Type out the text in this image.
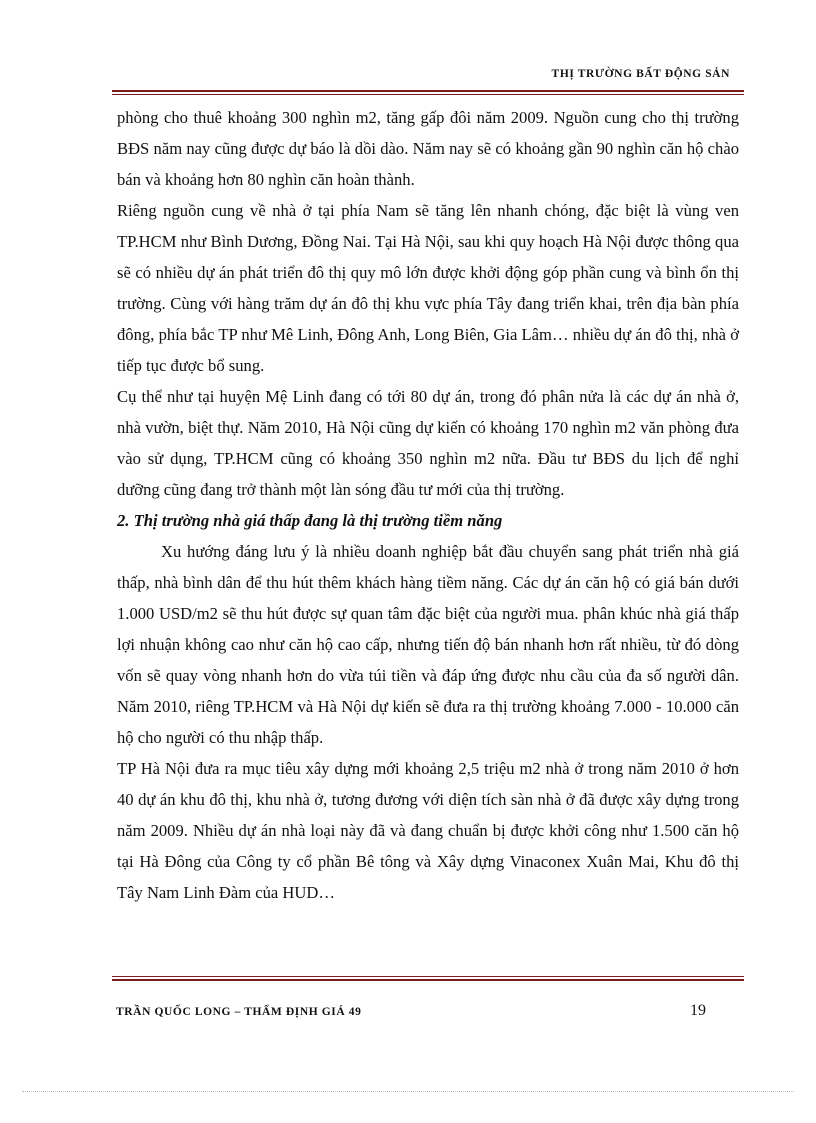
THỊ TRƯỜNG BẤT ĐỘNG SẢN

phòng cho thuê khoảng 300 nghìn m2, tăng gấp đôi năm 2009. Nguồn cung cho thị trường BĐS năm nay cũng được dự báo là dồi dào. Năm nay sẽ có khoảng gần 90 nghìn căn hộ chào bán và khoảng hơn 80 nghìn căn hoàn thành.

Riêng nguồn cung về nhà ở tại phía Nam sẽ tăng lên nhanh chóng, đặc biệt là vùng ven TP.HCM như Bình Dương, Đồng Nai. Tại Hà Nội, sau khi quy hoạch Hà Nội được thông qua sẽ có nhiều dự án phát triển đô thị quy mô lớn được khởi động góp phần cung và bình ổn thị trường. Cùng với hàng trăm dự án đô thị khu vực phía Tây đang triển khai, trên địa bàn phía đông, phía bắc TP như Mê Linh, Đông Anh, Long Biên, Gia Lâm… nhiều dự án đô thị, nhà ở tiếp tục được bổ sung.

Cụ thể như tại huyện Mệ Linh đang có tới 80 dự án, trong đó phân nửa là các dự án nhà ở, nhà vườn, biệt thự. Năm 2010, Hà Nội cũng dự kiến có khoảng 170 nghìn m2 văn phòng đưa vào sử dụng, TP.HCM cũng có khoảng 350 nghìn m2 nữa. Đầu tư BĐS du lịch để nghỉ dưỡng cũng đang trở thành một làn sóng đầu tư mới của thị trường.

2. Thị trường nhà giá thấp đang là thị trường tiềm năng

Xu hướng đáng lưu ý là nhiều doanh nghiệp bắt đầu chuyển sang phát triển nhà giá thấp, nhà bình dân để thu hút thêm khách hàng tiềm năng. Các dự án căn hộ có giá bán dưới 1.000 USD/m2 sẽ thu hút được sự quan tâm đặc biệt của người mua. phân khúc nhà giá thấp lợi nhuận không cao như căn hộ cao cấp, nhưng tiến độ bán nhanh hơn rất nhiều, từ đó dòng vốn sẽ quay vòng nhanh hơn do vừa túi tiền và đáp ứng được nhu cầu của đa số người dân. Năm 2010, riêng TP.HCM và Hà Nội dự kiến sẽ đưa ra thị trường khoảng 7.000 - 10.000 căn hộ cho người có thu nhập thấp.

TP Hà Nội đưa ra mục tiêu xây dựng mới khoảng 2,5 triệu m2 nhà ở trong năm 2010 ở hơn 40 dự án khu đô thị, khu nhà ở, tương đương với diện tích sàn nhà ở đã được xây dựng trong năm 2009. Nhiều dự án nhà loại này đã và đang chuẩn bị được khởi công như 1.500 căn hộ tại Hà Đông của Công ty cổ phần Bê tông và Xây dựng Vinaconex Xuân Mai, Khu đô thị Tây Nam Linh Đàm của HUD…

TRẦN QUỐC LONG – THẨM ĐỊNH GIÁ 49	19
